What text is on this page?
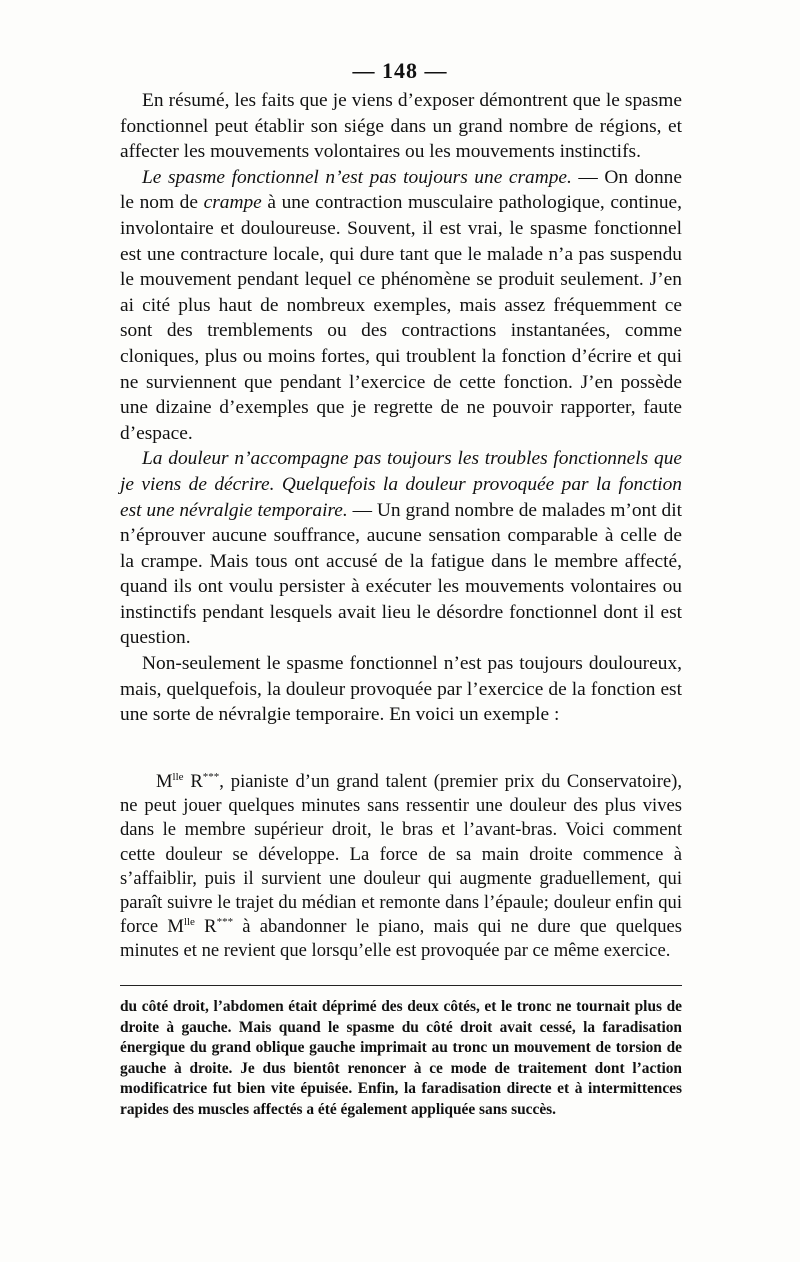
— 148 —

En résumé, les faits que je viens d’exposer démontrent que le spasme fonctionnel peut établir son siége dans un grand nombre de régions, et affecter les mouvements volontaires ou les mouvements instinctifs.

Le spasme fonctionnel n’est pas toujours une crampe. — On donne le nom de crampe à une contraction musculaire pathologique, continue, involontaire et douloureuse. Souvent, il est vrai, le spasme fonctionnel est une contracture locale, qui dure tant que le malade n’a pas suspendu le mouvement pendant lequel ce phénomène se produit seulement. J’en ai cité plus haut de nombreux exemples, mais assez fréquemment ce sont des tremblements ou des contractions instantanées, comme cloniques, plus ou moins fortes, qui troublent la fonction d’écrire et qui ne surviennent que pendant l’exercice de cette fonction. J’en possède une dizaine d’exemples que je regrette de ne pouvoir rapporter, faute d’espace.

La douleur n’accompagne pas toujours les troubles fonctionnels que je viens de décrire. Quelquefois la douleur provoquée par la fonction est une névralgie temporaire. — Un grand nombre de malades m’ont dit n’éprouver aucune souffrance, aucune sensation comparable à celle de la crampe. Mais tous ont accusé de la fatigue dans le membre affecté, quand ils ont voulu persister à exécuter les mouvements volontaires ou instinctifs pendant lesquels avait lieu le désordre fonctionnel dont il est question.

Non-seulement le spasme fonctionnel n’est pas toujours douloureux, mais, quelquefois, la douleur provoquée par l’exercice de la fonction est une sorte de névralgie temporaire. En voici un exemple :

$M^{lle}$ R***, pianiste d’un grand talent (premier prix du Conservatoire), ne peut jouer quelques minutes sans ressentir une douleur des plus vives dans le membre supérieur droit, le bras et l’avant-bras. Voici comment cette douleur se développe. La force de sa main droite commence à s’affaiblir, puis il survient une douleur qui augmente graduellement, qui paraît suivre le trajet du médian et remonte dans l’épaule; douleur enfin qui force $M^{lle}$ R*** à abandonner le piano, mais qui ne dure que quelques minutes et ne revient que lorsqu’elle est provoquée par ce même exercice.

du côté droit, l’abdomen était déprimé des deux côtés, et le tronc ne tournait plus de droite à gauche. Mais quand le spasme du côté droit avait cessé, la faradisation énergique du grand oblique gauche imprimait au tronc un mouvement de torsion de gauche à droite. Je dus bientôt renoncer à ce mode de traitement dont l’action modificatrice fut bien vite épuisée. Enfin, la faradisation directe et à intermittences rapides des muscles affectés a été également appliquée sans succès.
